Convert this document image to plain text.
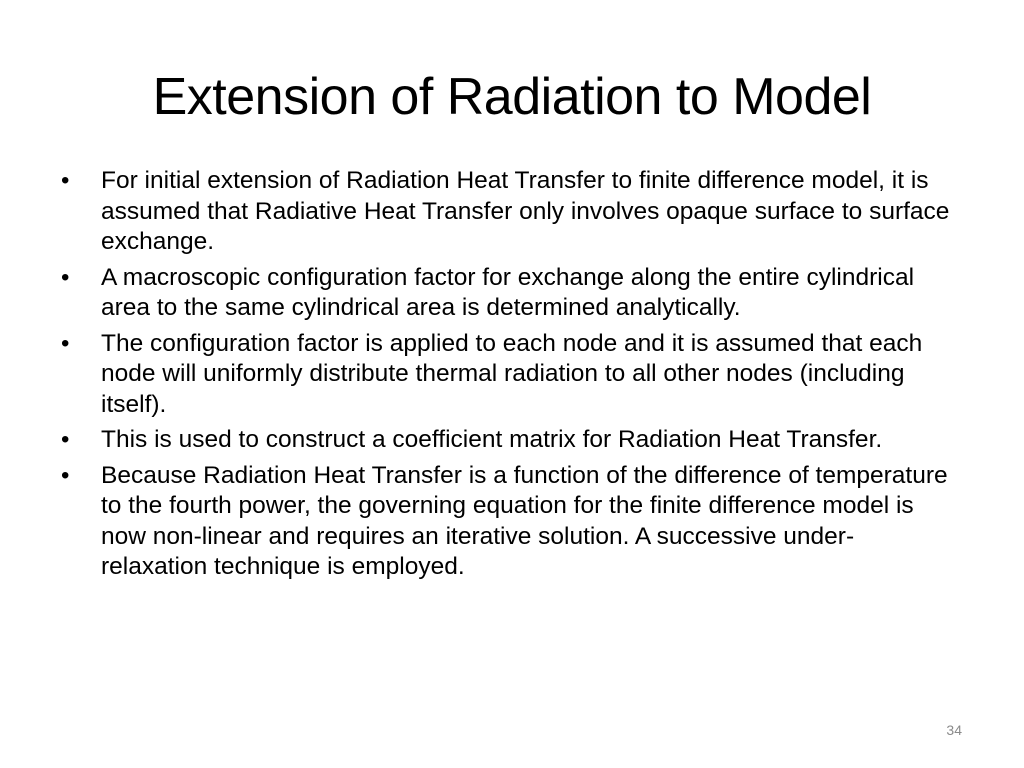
Extension of Radiation to Model
• For initial extension of Radiation Heat Transfer to finite difference model, it is assumed that Radiative Heat Transfer only involves opaque surface to surface exchange.
• A macroscopic configuration factor for exchange along the entire cylindrical area to the same cylindrical area is determined analytically.
• The configuration factor is applied to each node and it is assumed that each node will uniformly distribute thermal radiation to all other nodes (including itself).
• This is used to construct a coefficient matrix for Radiation Heat Transfer.
• Because Radiation Heat Transfer is a function of the difference of temperature to the fourth power, the governing equation for the finite difference model is now non-linear and requires an iterative solution. A successive under-relaxation technique is employed.
34
